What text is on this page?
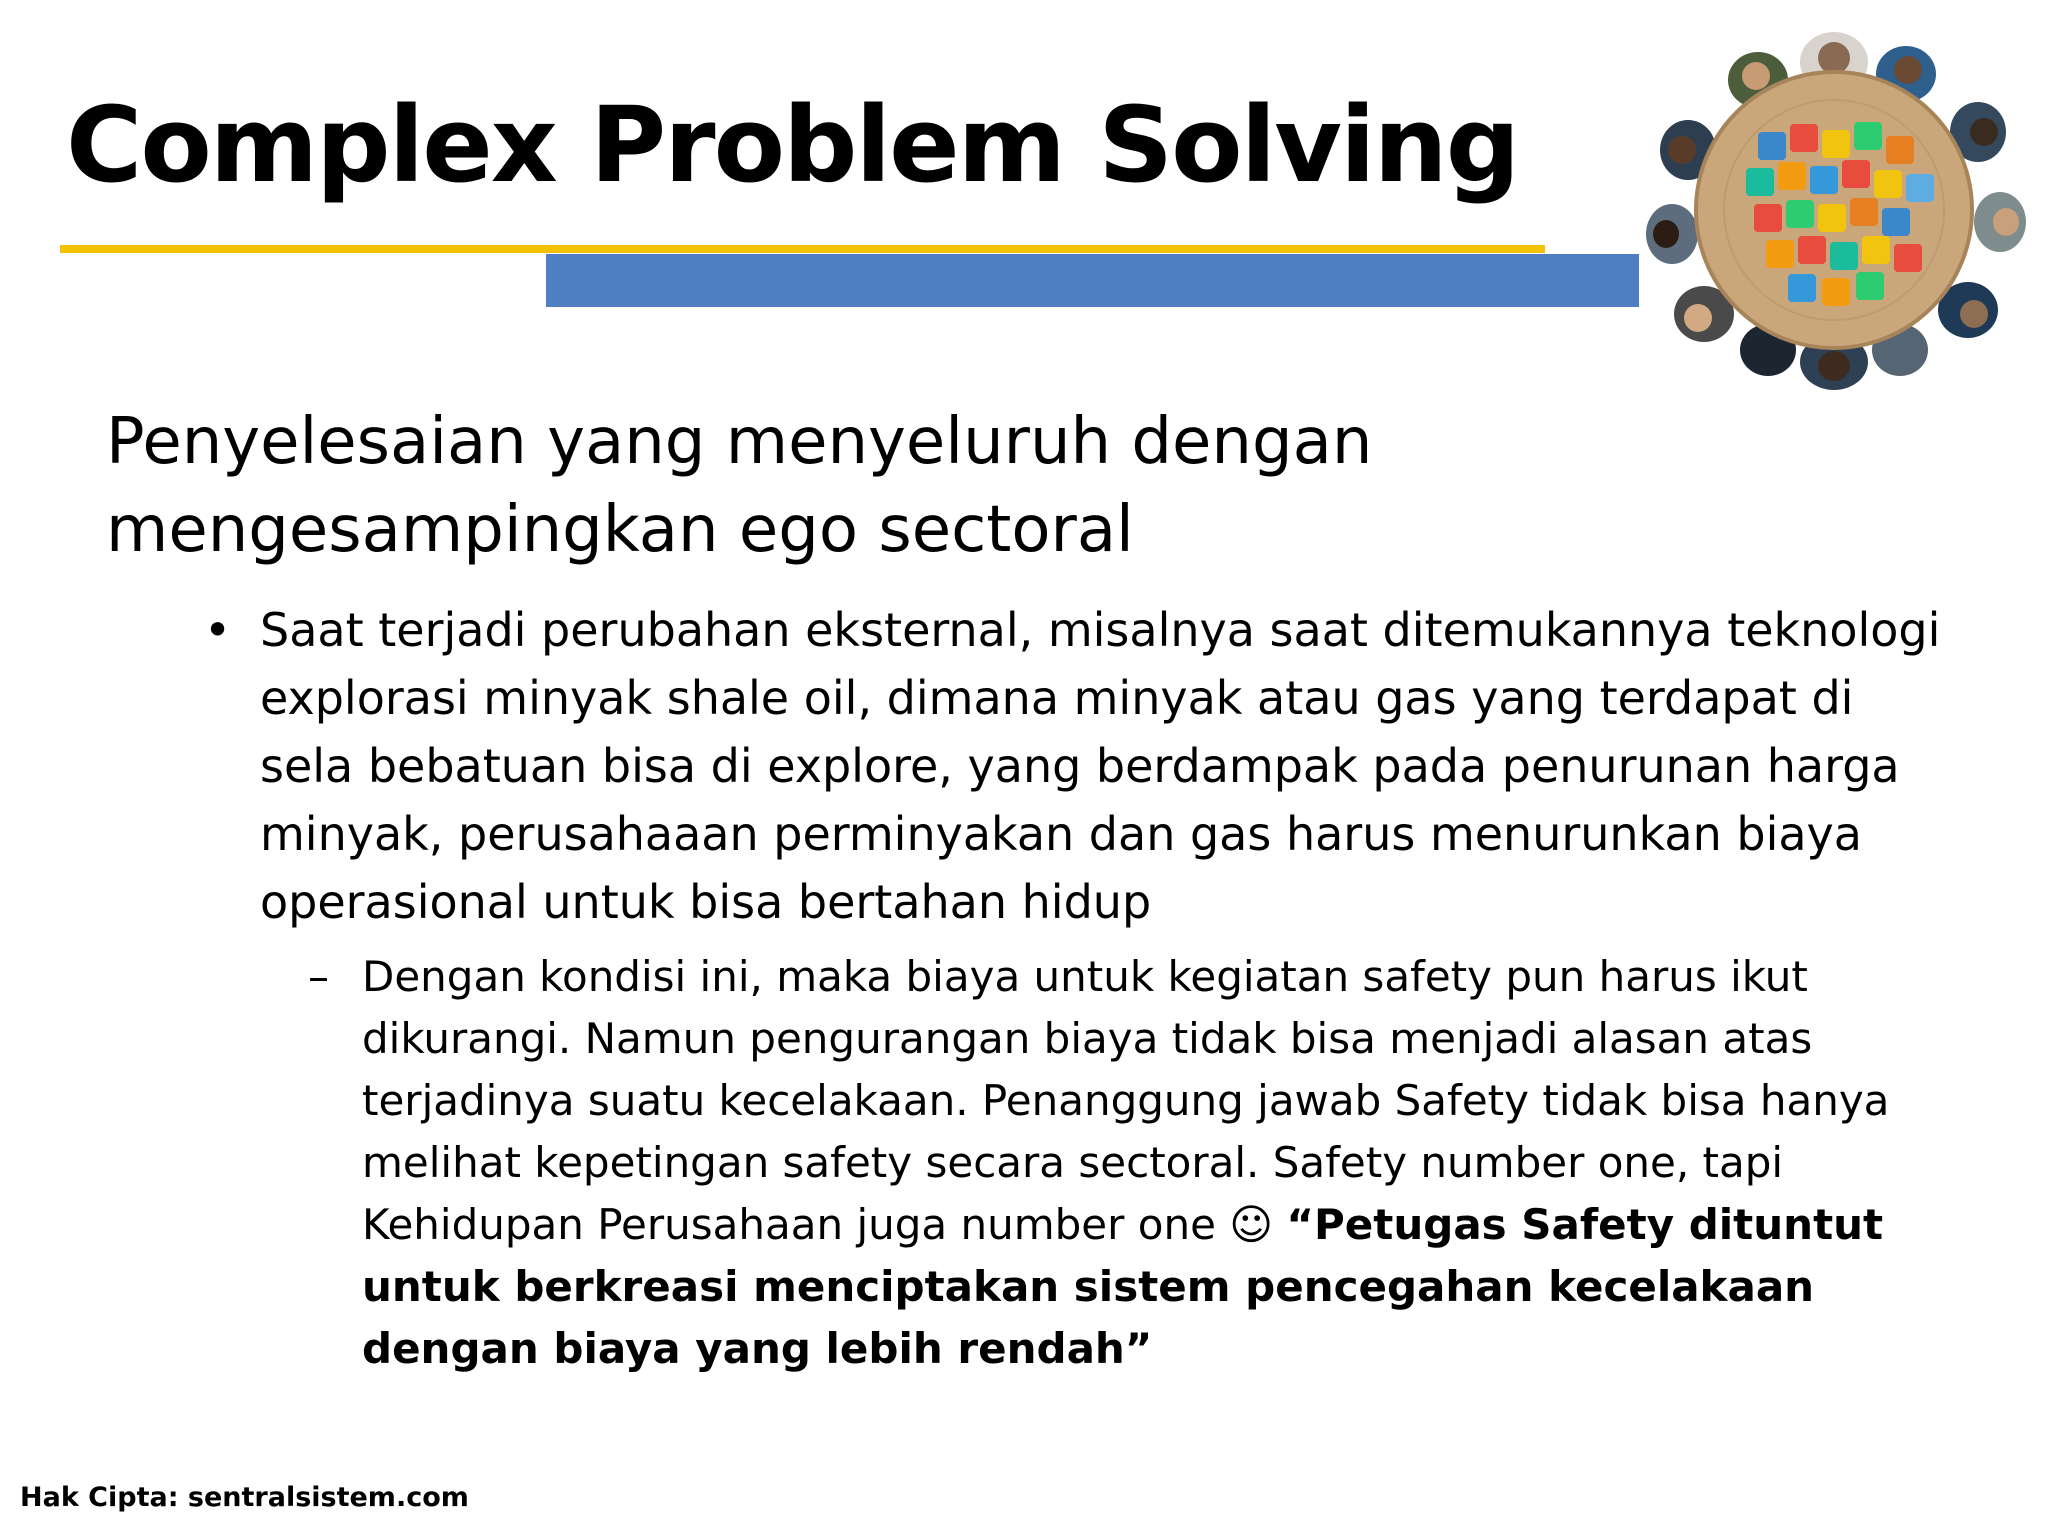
Complex Problem Solving
Penyelesaian yang menyeluruh dengan
mengesampingkan ego sectoral
• Saat terjadi perubahan eksternal, misalnya saat ditemukannya teknologi explorasi minyak shale oil, dimana minyak atau gas yang terdapat di sela bebatuan bisa di explore, yang berdampak pada penurunan harga minyak, perusahaaan perminyakan dan gas harus menurunkan biaya operasional untuk bisa bertahan hidup
– Dengan kondisi ini, maka biaya untuk kegiatan safety pun harus ikut dikurangi. Namun pengurangan biaya tidak bisa menjadi alasan atas terjadinya suatu kecelakaan. Penanggung jawab Safety tidak bisa hanya melihat kepetingan safety secara sectoral. Safety number one, tapi Kehidupan Perusahaan juga number one ☺ “Petugas Safety dituntut untuk berkreasi menciptakan sistem pencegahan kecelakaan dengan biaya yang lebih rendah”
Hak Cipta: sentralsistem.com
